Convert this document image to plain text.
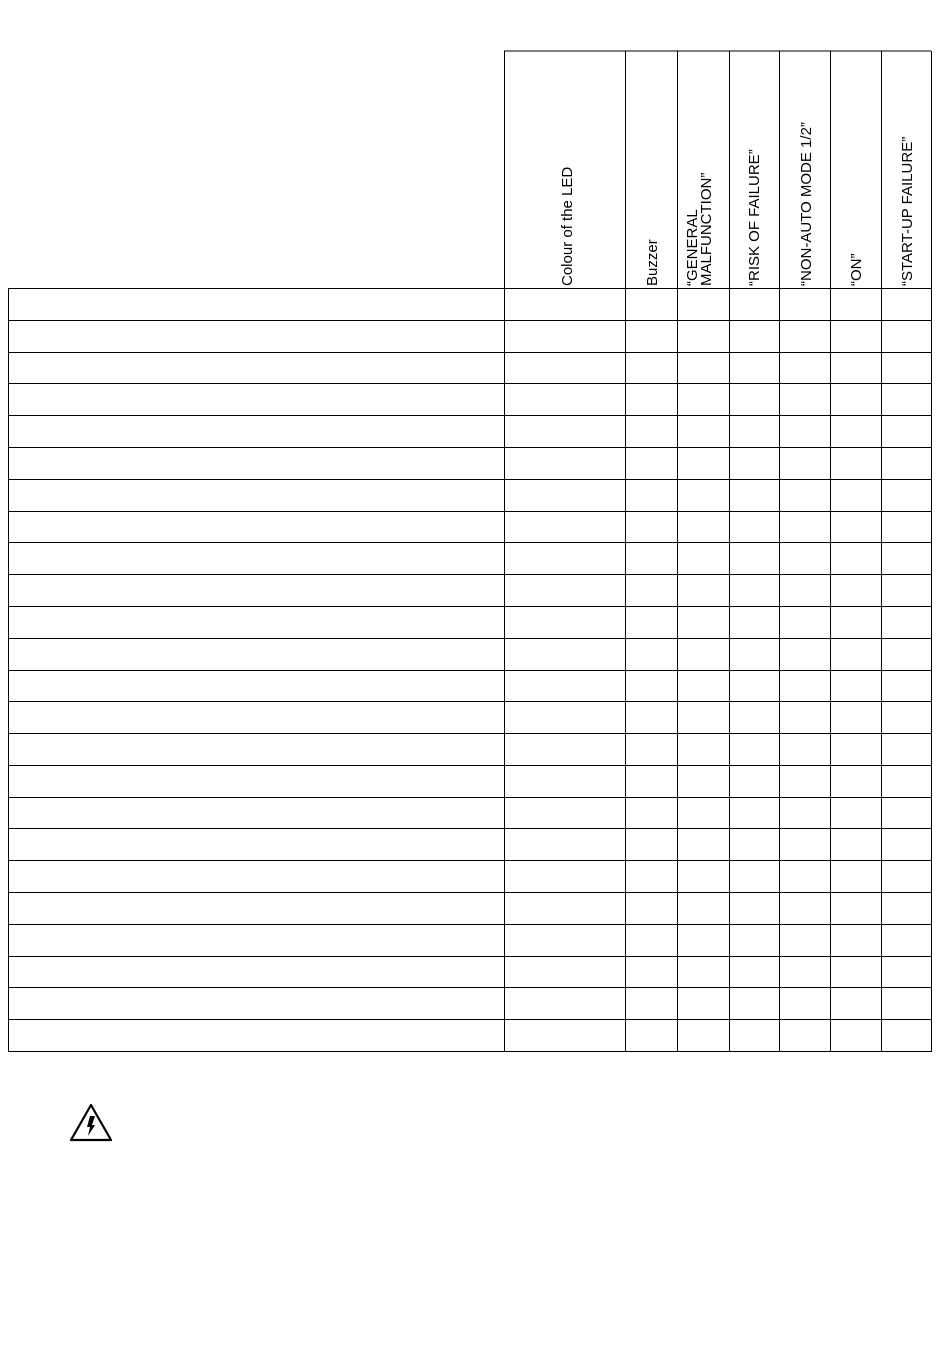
Colour of the LED	Buzzer “GENERAL
MALFUNCTION” “RISK OF FAILURE” “NON-AUTO MODE 1/2” “ON” “START-UP FAILURE”
